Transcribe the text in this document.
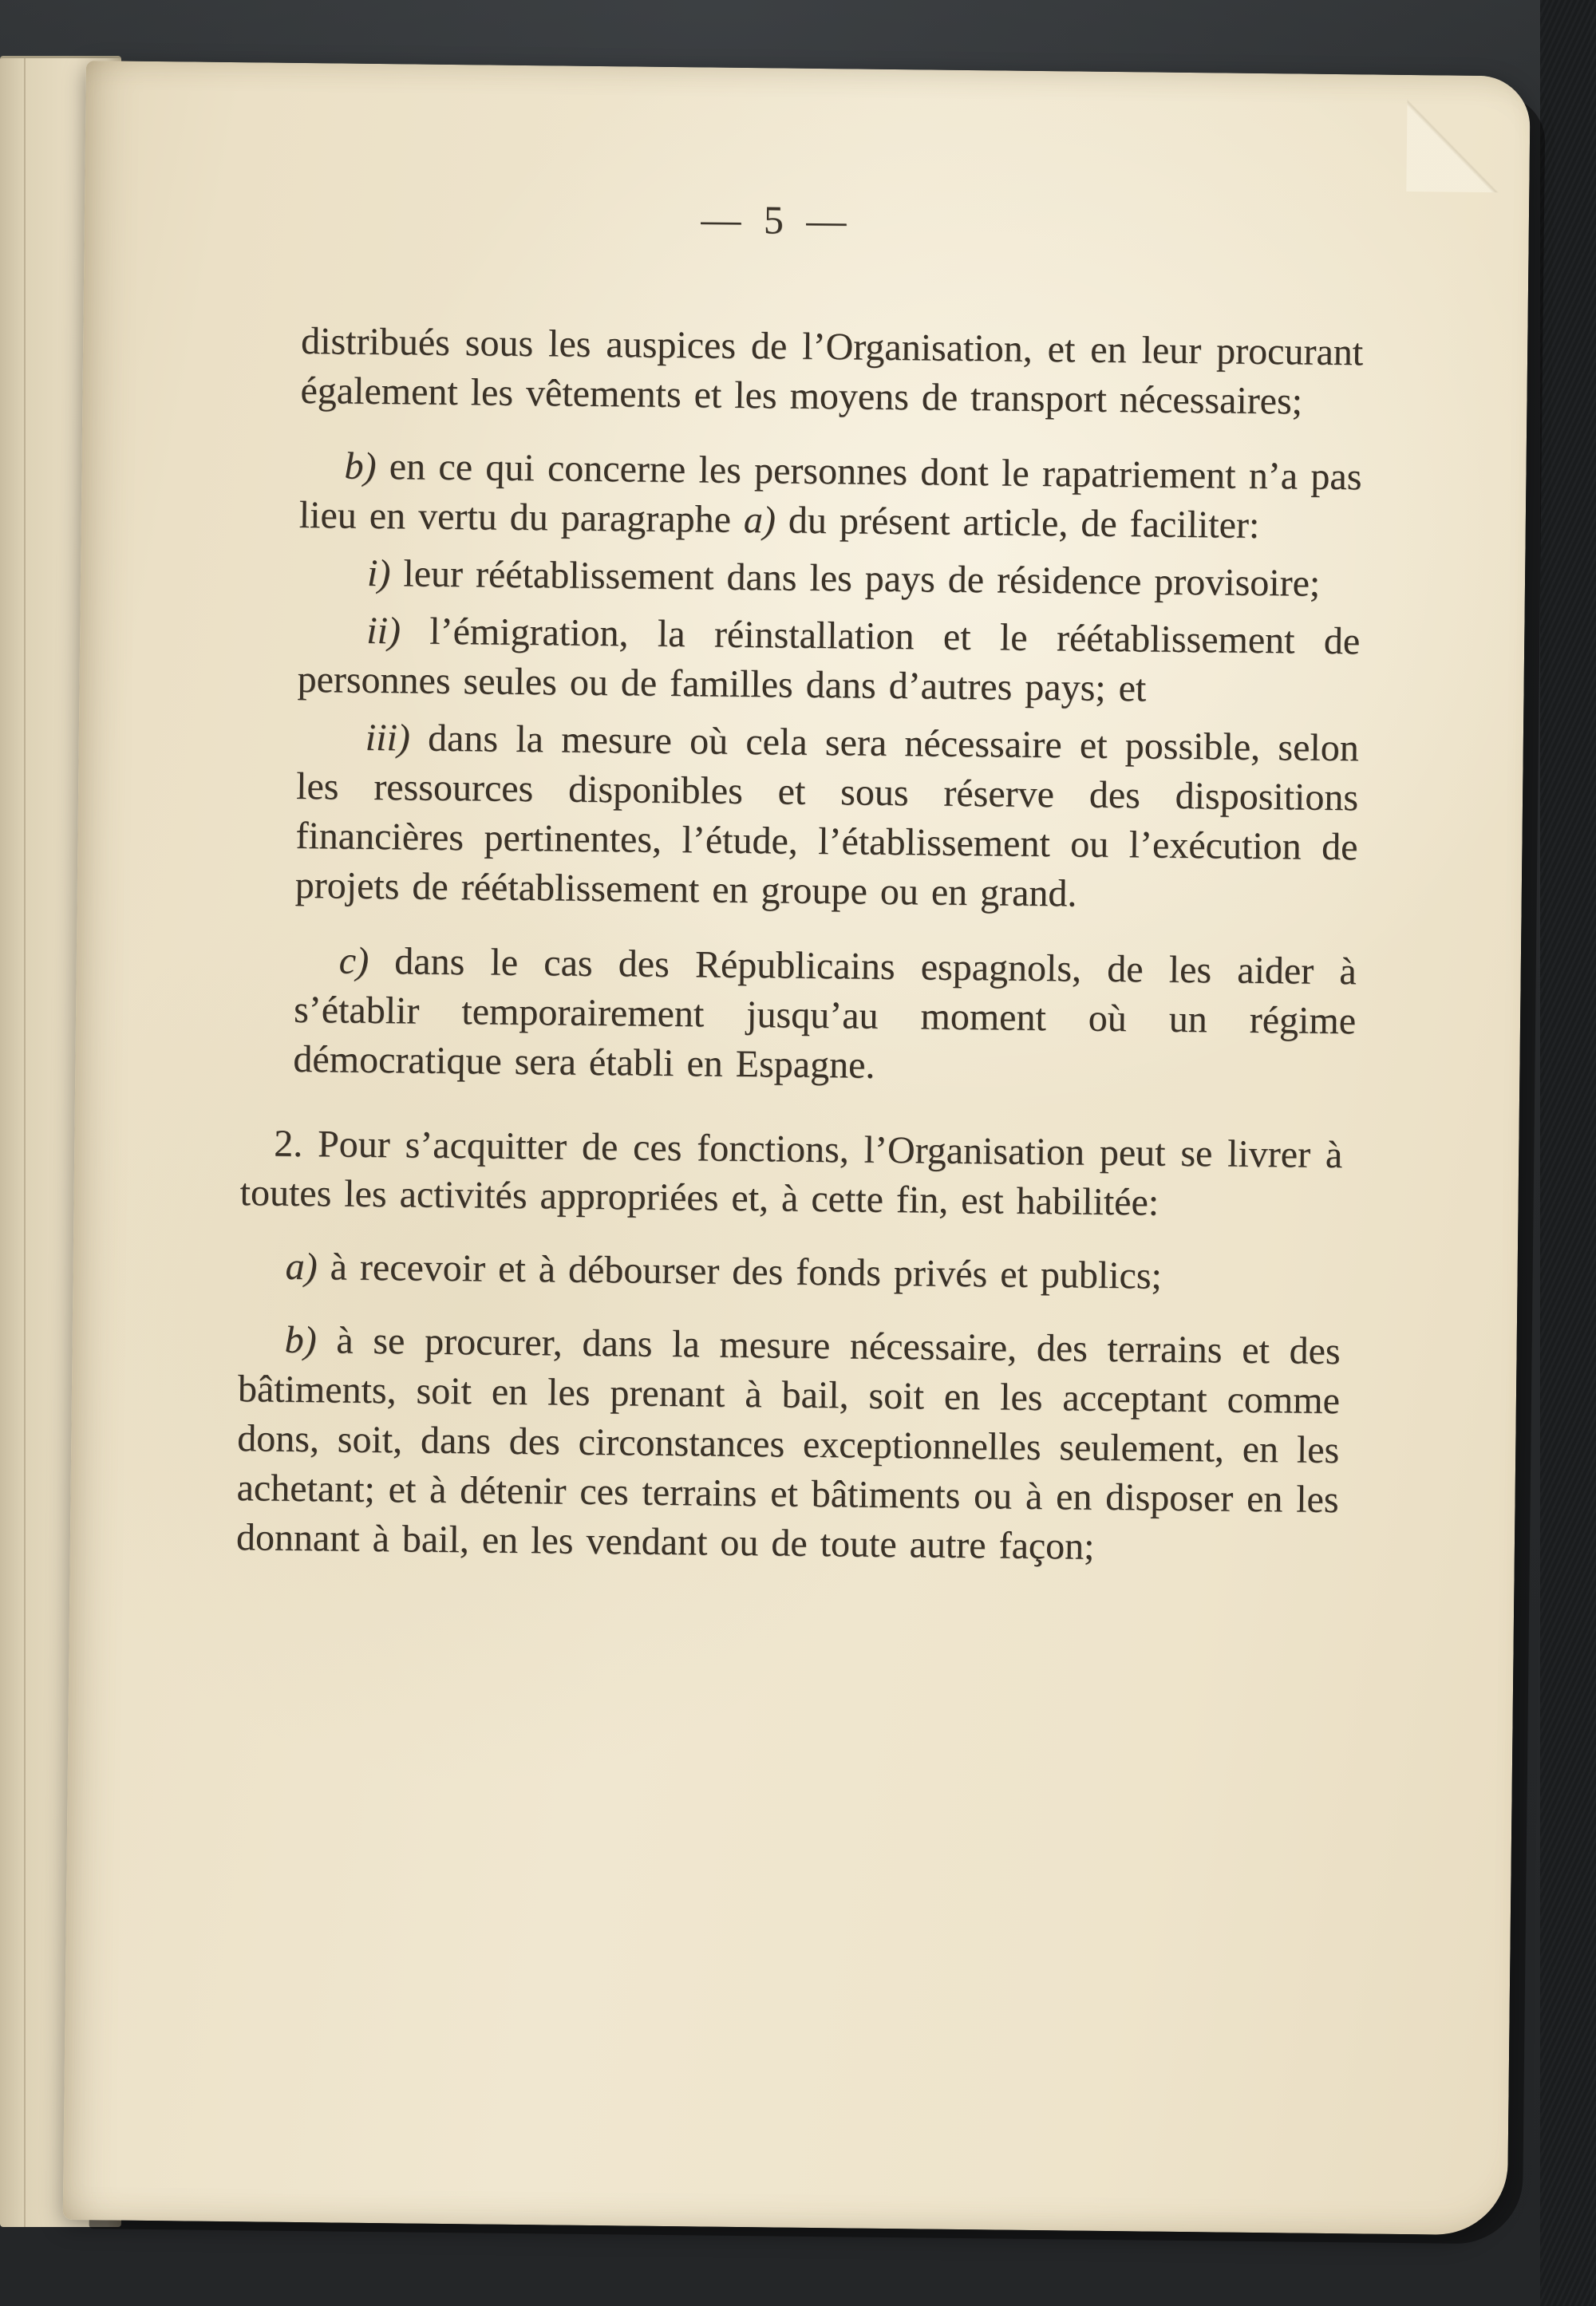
— 5 —

distribués sous les auspices de l’Organisation, et en leur procurant également les vêtements et les moyens de transport nécessaires;

b) en ce qui concerne les personnes dont le rapatriement n’a pas lieu en vertu du paragraphe a) du présent article, de faciliter:

i) leur réétablissement dans les pays de résidence provisoire;

ii) l’émigration, la réinstallation et le réétablissement de personnes seules ou de familles dans d’autres pays; et

iii) dans la mesure où cela sera nécessaire et possible, selon les ressources disponibles et sous réserve des dispositions financières pertinentes, l’étude, l’établissement ou l’exécution de projets de réétablissement en groupe ou en grand.

c) dans le cas des Républicains espagnols, de les aider à s’établir temporairement jusqu’au moment où un régime démocratique sera établi en Espagne.

2. Pour s’acquitter de ces fonctions, l’Organisation peut se livrer à toutes les activités appropriées et, à cette fin, est habilitée:

a) à recevoir et à débourser des fonds privés et publics;

b) à se procurer, dans la mesure nécessaire, des terrains et des bâtiments, soit en les prenant à bail, soit en les acceptant comme dons, soit, dans des circonstances exceptionnelles seulement, en les achetant; et à détenir ces terrains et bâtiments ou à en disposer en les donnant à bail, en les vendant ou de toute autre façon;
